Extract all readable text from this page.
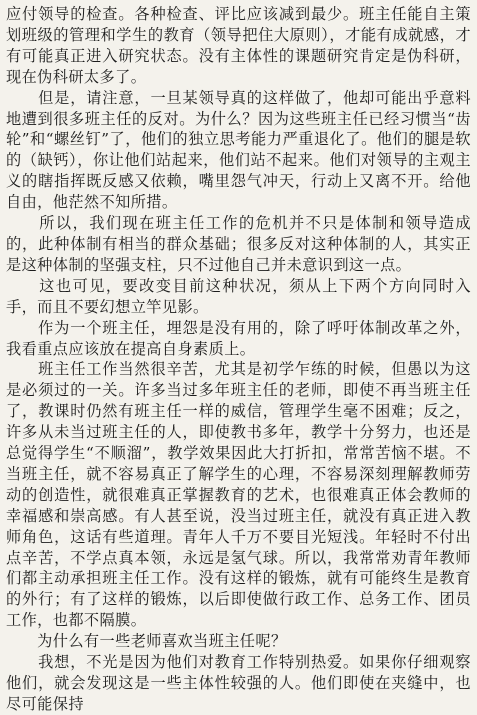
应付领导的检查。各种检查、评比应该减到最少。班主任能自主策划班级的管理和学生的教育（领导把住大原则），才能有成就感，才有可能真正进入研究状态。没有主体性的课题研究肯定是伪科研，现在伪科研太多了。

　　但是，请注意，一旦某领导真的这样做了，他却可能出乎意料地遭到很多班主任的反对。为什么？因为这些班主任已经习惯当“齿轮”和“螺丝钉”了，他们的独立思考能力严重退化了。他们的腿是软的（缺钙），你让他们站起来，他们站不起来。他们对领导的主观主义的瞎指挥既反感又依赖，嘴里怨气冲天，行动上又离不开。给他自由，他茫然不知所措。

　　所以，我们现在班主任工作的危机并不只是体制和领导造成的，此种体制有相当的群众基础；很多反对这种体制的人，其实正是这种体制的坚强支柱，只不过他自己并未意识到这一点。

　　这也可见，要改变目前这种状况，须从上下两个方向同时入手，而且不要幻想立竿见影。

　　作为一个班主任，埋怨是没有用的，除了呼吁体制改革之外，我看重点应该放在提高自身素质上。

　　班主任工作当然很辛苦，尤其是初学乍练的时候，但愚以为这是必须过的一关。许多当过多年班主任的老师，即使不再当班主任了，教课时仍然有班主任一样的威信，管理学生毫不困难；反之，许多从未当过班主任的人，即使教书多年，教学十分努力，也还是总觉得学生“不顺溜”，教学效果因此大打折扣，常常苦恼不堪。不当班主任，就不容易真正了解学生的心理，不容易深刻理解教师劳动的创造性，就很难真正掌握教育的艺术，也很难真正体会教师的幸福感和崇高感。有人甚至说，没当过班主任，就没有真正进入教师角色，这话有些道理。青年人千万不要目光短浅。年轻时不付出点辛苦，不学点真本领，永远是氢气球。所以，我常常劝青年教师们都主动承担班主任工作。没有这样的锻炼，就有可能终生是教育的外行；有了这样的锻炼，以后即使做行政工作、总务工作、团员工作，也都不隔膜。

　　为什么有一些老师喜欢当班主任呢？

　　我想，不光是因为他们对教育工作特别热爱。如果你仔细观察他们，就会发现这是一些主体性较强的人。他们即使在夹缝中，也尽可能保持
